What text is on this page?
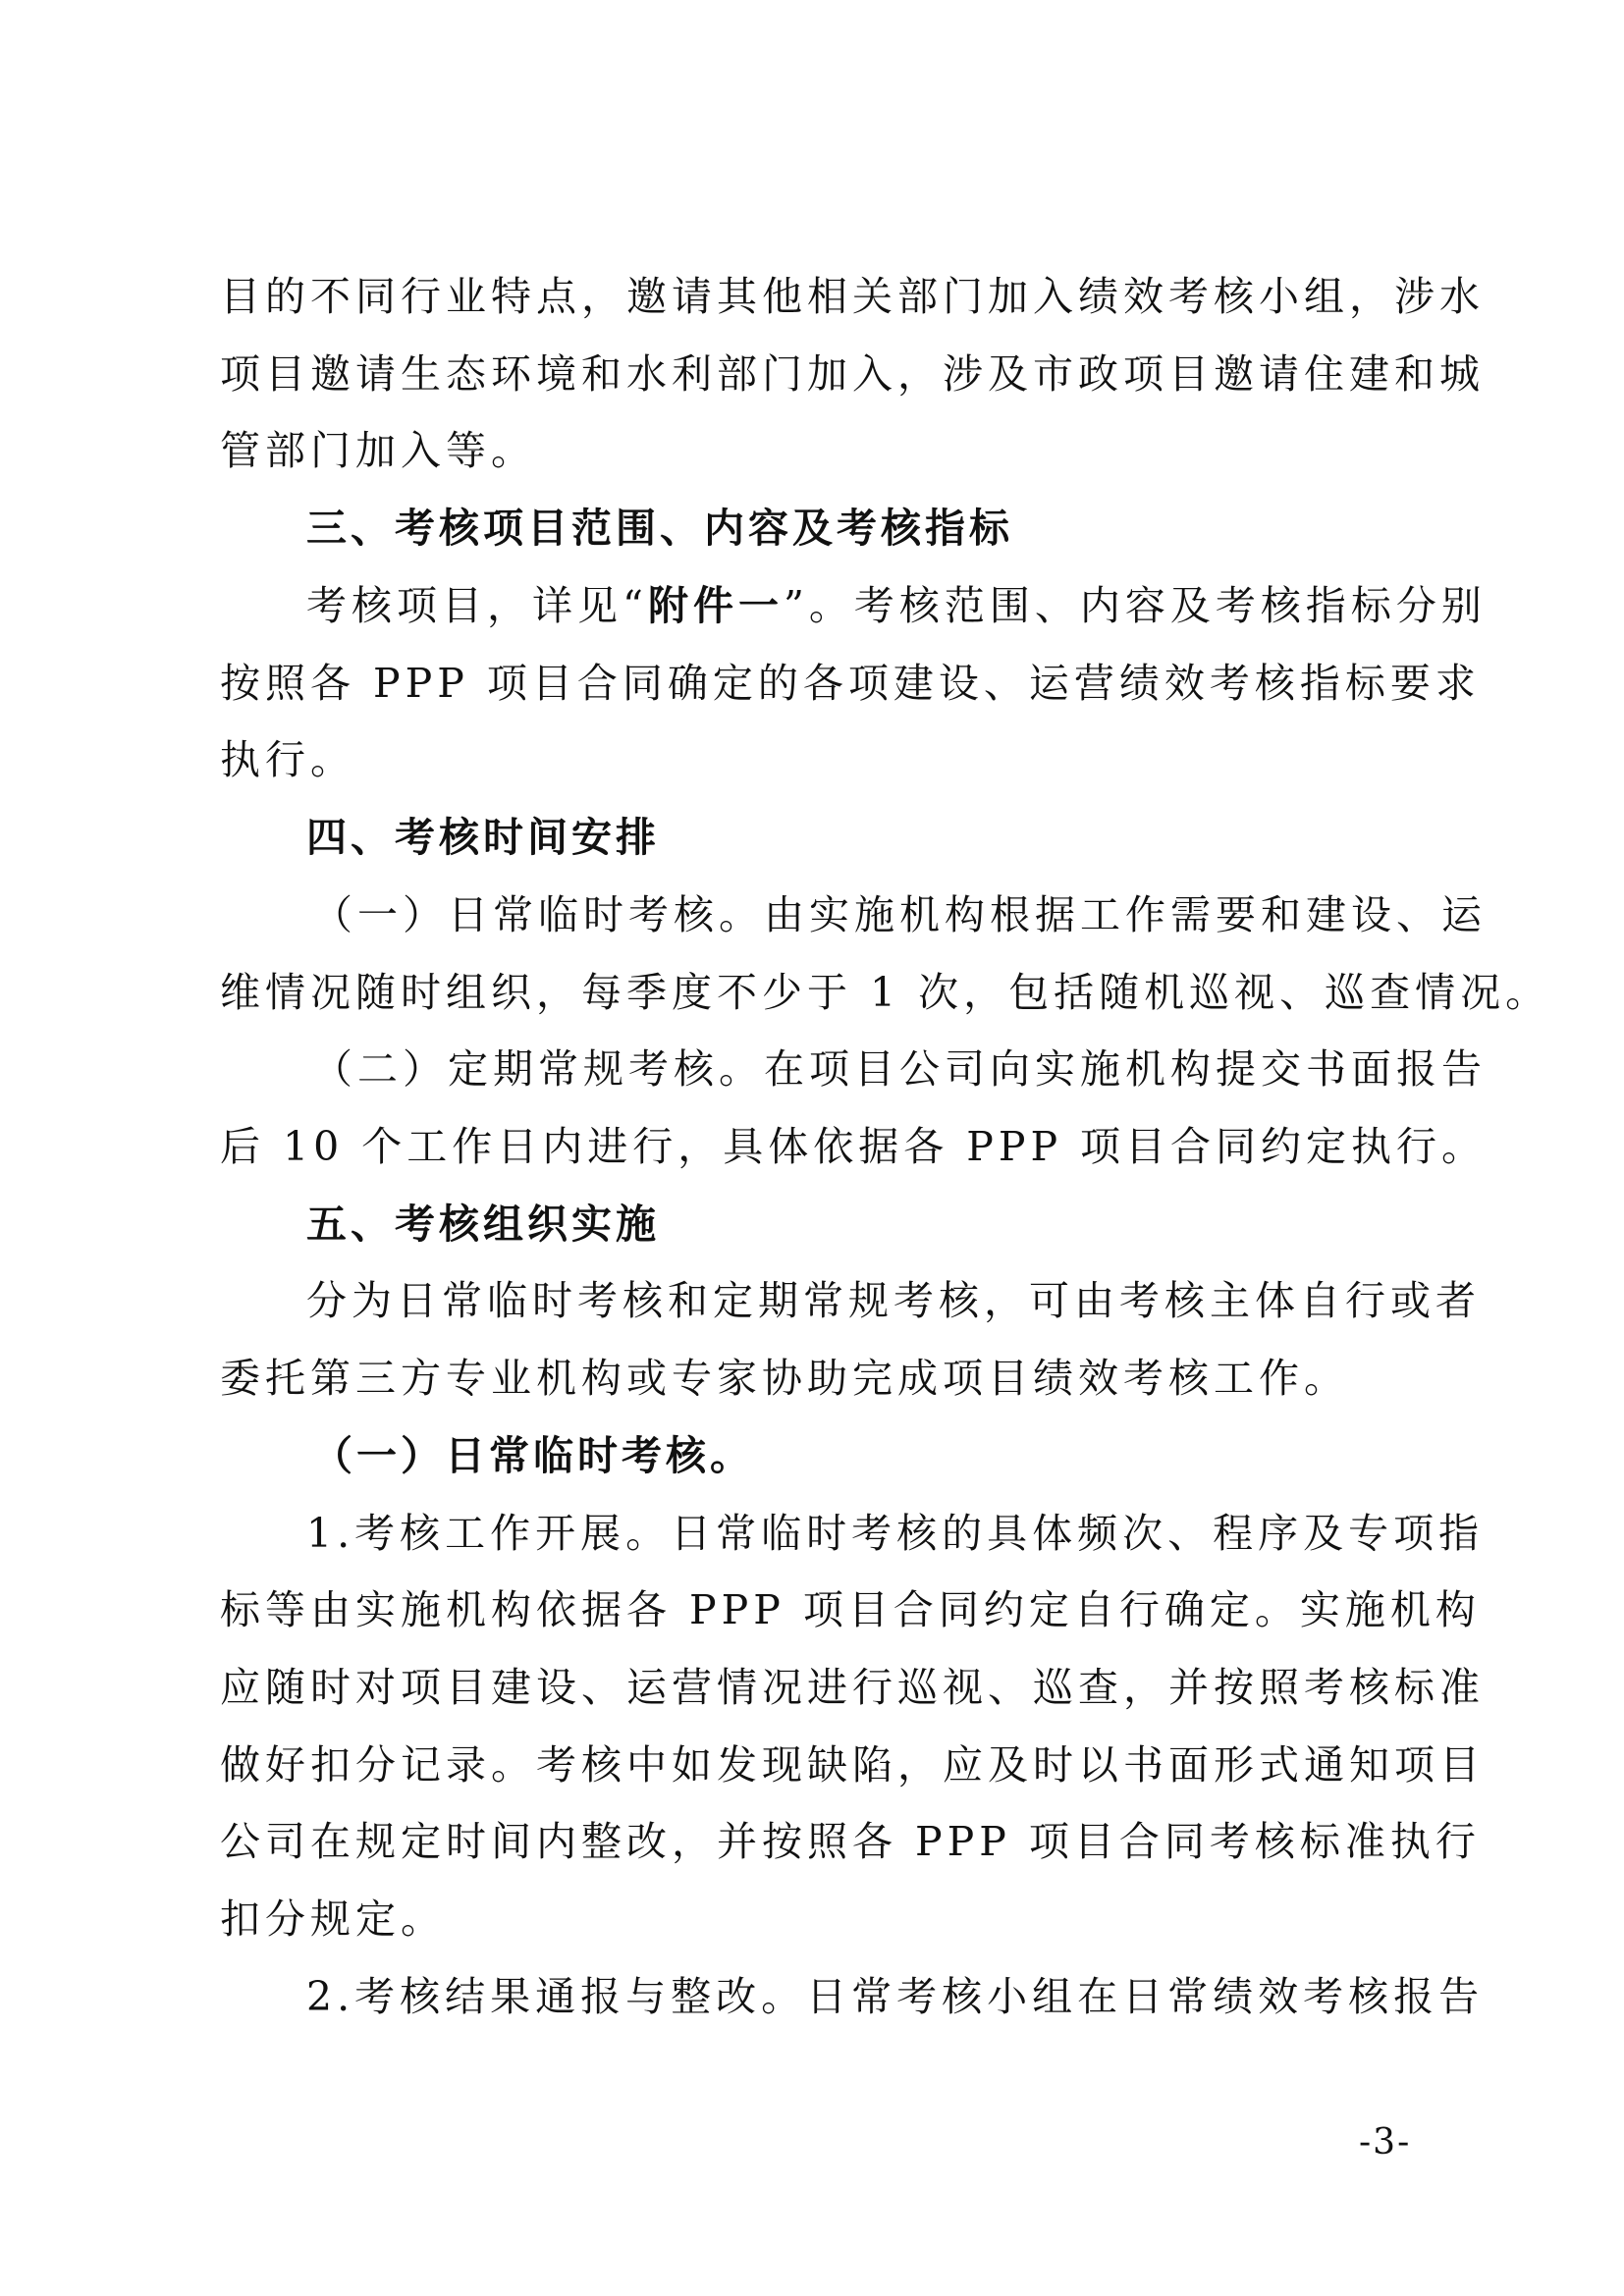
目的不同行业特点，邀请其他相关部门加入绩效考核小组，涉水
项目邀请生态环境和水利部门加入，涉及市政项目邀请住建和城
管部门加入等。
三、考核项目范围、内容及考核指标
考核项目，详见“附件一”。考核范围、内容及考核指标分别
按照各 PPP 项目合同确定的各项建设、运营绩效考核指标要求
执行。
四、考核时间安排
（一）日常临时考核。由实施机构根据工作需要和建设、运
维情况随时组织，每季度不少于 1 次，包括随机巡视、巡查情况。
（二）定期常规考核。在项目公司向实施机构提交书面报告
后 10 个工作日内进行，具体依据各 PPP 项目合同约定执行。
五、考核组织实施
分为日常临时考核和定期常规考核，可由考核主体自行或者
委托第三方专业机构或专家协助完成项目绩效考核工作。
（一）日常临时考核。
1.考核工作开展。日常临时考核的具体频次、程序及专项指
标等由实施机构依据各 PPP 项目合同约定自行确定。实施机构
应随时对项目建设、运营情况进行巡视、巡查，并按照考核标准
做好扣分记录。考核中如发现缺陷，应及时以书面形式通知项目
公司在规定时间内整改，并按照各 PPP 项目合同考核标准执行
扣分规定。
2.考核结果通报与整改。日常考核小组在日常绩效考核报告
-3-
